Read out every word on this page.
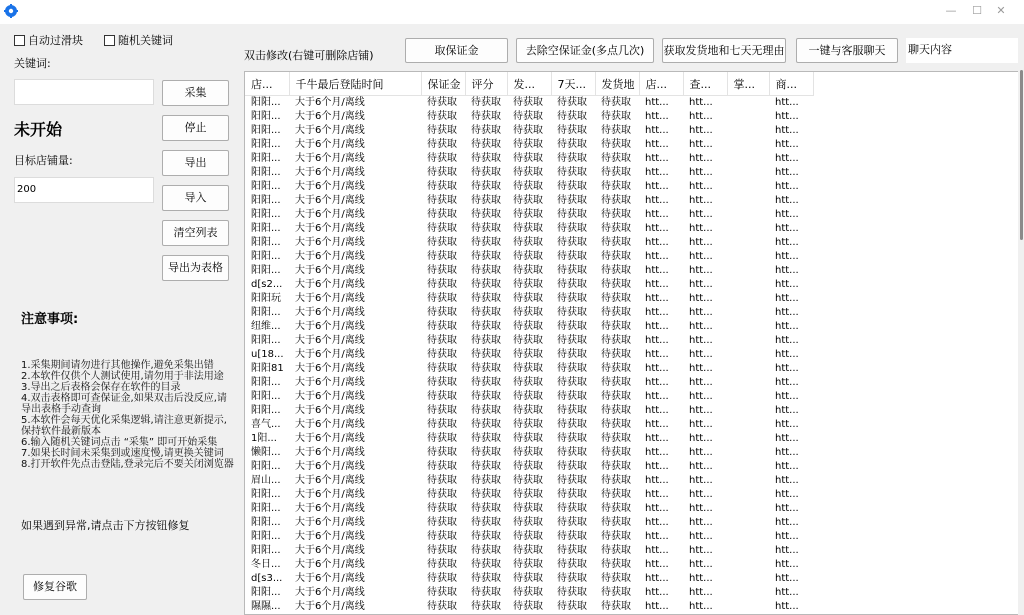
—	☐	✕
自动过滑块	随机关键词
关键词:
未开始
目标店铺量:
200
采集
停止
导出
导入
清空列表
导出为表格
注意事项:
1.采集期间请勿进行其他操作,避免采集出错
2.本软件仅供个人测试使用,请勿用于非法用途
3.导出之后表格会保存在软件的目录
4.双击表格即可查保证金,如果双击后没反应,请导出表格手动查询
5.本软件会每天优化采集逻辑,请注意更新提示,保持软件最新版本
6.输入随机关键词点击 “采集” 即可开始采集
7.如果长时间未采集到或速度慢,请更换关键词
8.打开软件先点击登陆,登录完后不要关闭浏览器
如果遇到异常,请点击下方按钮修复
修复谷歌
双击修改(右键可删除店铺)	取保证金	去除空保证金(多点几次)	获取发货地和七天无理由	一键与客服聊天	聊天内容
店...	千牛最后登陆时间	保证金	评分	发...	7天...	发货地	店...	查...	掌...	商...
阳阳...	大于6个月/离线	待获取	待获取	待获取	待获取	待获取	htt...	htt...		htt...
阳阳...	大于6个月/离线	待获取	待获取	待获取	待获取	待获取	htt...	htt...		htt...
阳阳...	大于6个月/离线	待获取	待获取	待获取	待获取	待获取	htt...	htt...		htt...
阳阳...	大于6个月/离线	待获取	待获取	待获取	待获取	待获取	htt...	htt...		htt...
阳阳...	大于6个月/离线	待获取	待获取	待获取	待获取	待获取	htt...	htt...		htt...
阳阳...	大于6个月/离线	待获取	待获取	待获取	待获取	待获取	htt...	htt...		htt...
阳阳...	大于6个月/离线	待获取	待获取	待获取	待获取	待获取	htt...	htt...		htt...
阳阳...	大于6个月/离线	待获取	待获取	待获取	待获取	待获取	htt...	htt...		htt...
阳阳...	大于6个月/离线	待获取	待获取	待获取	待获取	待获取	htt...	htt...		htt...
阳阳...	大于6个月/离线	待获取	待获取	待获取	待获取	待获取	htt...	htt...		htt...
阳阳...	大于6个月/离线	待获取	待获取	待获取	待获取	待获取	htt...	htt...		htt...
阳阳...	大于6个月/离线	待获取	待获取	待获取	待获取	待获取	htt...	htt...		htt...
阳阳...	大于6个月/离线	待获取	待获取	待获取	待获取	待获取	htt...	htt...		htt...
d[s2...	大于6个月/离线	待获取	待获取	待获取	待获取	待获取	htt...	htt...		htt...
阳阳玩	大于6个月/离线	待获取	待获取	待获取	待获取	待获取	htt...	htt...		htt...
阳阳...	大于6个月/离线	待获取	待获取	待获取	待获取	待获取	htt...	htt...		htt...
纽维...	大于6个月/离线	待获取	待获取	待获取	待获取	待获取	htt...	htt...		htt...
阳阳...	大于6个月/离线	待获取	待获取	待获取	待获取	待获取	htt...	htt...		htt...
u[18...	大于6个月/离线	待获取	待获取	待获取	待获取	待获取	htt...	htt...		htt...
阳阳81	大于6个月/离线	待获取	待获取	待获取	待获取	待获取	htt...	htt...		htt...
阳阳...	大于6个月/离线	待获取	待获取	待获取	待获取	待获取	htt...	htt...		htt...
阳阳...	大于6个月/离线	待获取	待获取	待获取	待获取	待获取	htt...	htt...		htt...
阳阳...	大于6个月/离线	待获取	待获取	待获取	待获取	待获取	htt...	htt...		htt...
喜气...	大于6个月/离线	待获取	待获取	待获取	待获取	待获取	htt...	htt...		htt...
1阳...	大于6个月/离线	待获取	待获取	待获取	待获取	待获取	htt...	htt...		htt...
懒阳...	大于6个月/离线	待获取	待获取	待获取	待获取	待获取	htt...	htt...		htt...
阳阳...	大于6个月/离线	待获取	待获取	待获取	待获取	待获取	htt...	htt...		htt...
眉山...	大于6个月/离线	待获取	待获取	待获取	待获取	待获取	htt...	htt...		htt...
阳阳...	大于6个月/离线	待获取	待获取	待获取	待获取	待获取	htt...	htt...		htt...
阳阳...	大于6个月/离线	待获取	待获取	待获取	待获取	待获取	htt...	htt...		htt...
阳阳...	大于6个月/离线	待获取	待获取	待获取	待获取	待获取	htt...	htt...		htt...
阳阳...	大于6个月/离线	待获取	待获取	待获取	待获取	待获取	htt...	htt...		htt...
阳阳...	大于6个月/离线	待获取	待获取	待获取	待获取	待获取	htt...	htt...		htt...
冬日...	大于6个月/离线	待获取	待获取	待获取	待获取	待获取	htt...	htt...		htt...
d[s3...	大于6个月/离线	待获取	待获取	待获取	待获取	待获取	htt...	htt...		htt...
阳阳...	大于6个月/离线	待获取	待获取	待获取	待获取	待获取	htt...	htt...		htt...
隰隰...	大于6个月/离线	待获取	待获取	待获取	待获取	待获取	htt...	htt...		htt...
